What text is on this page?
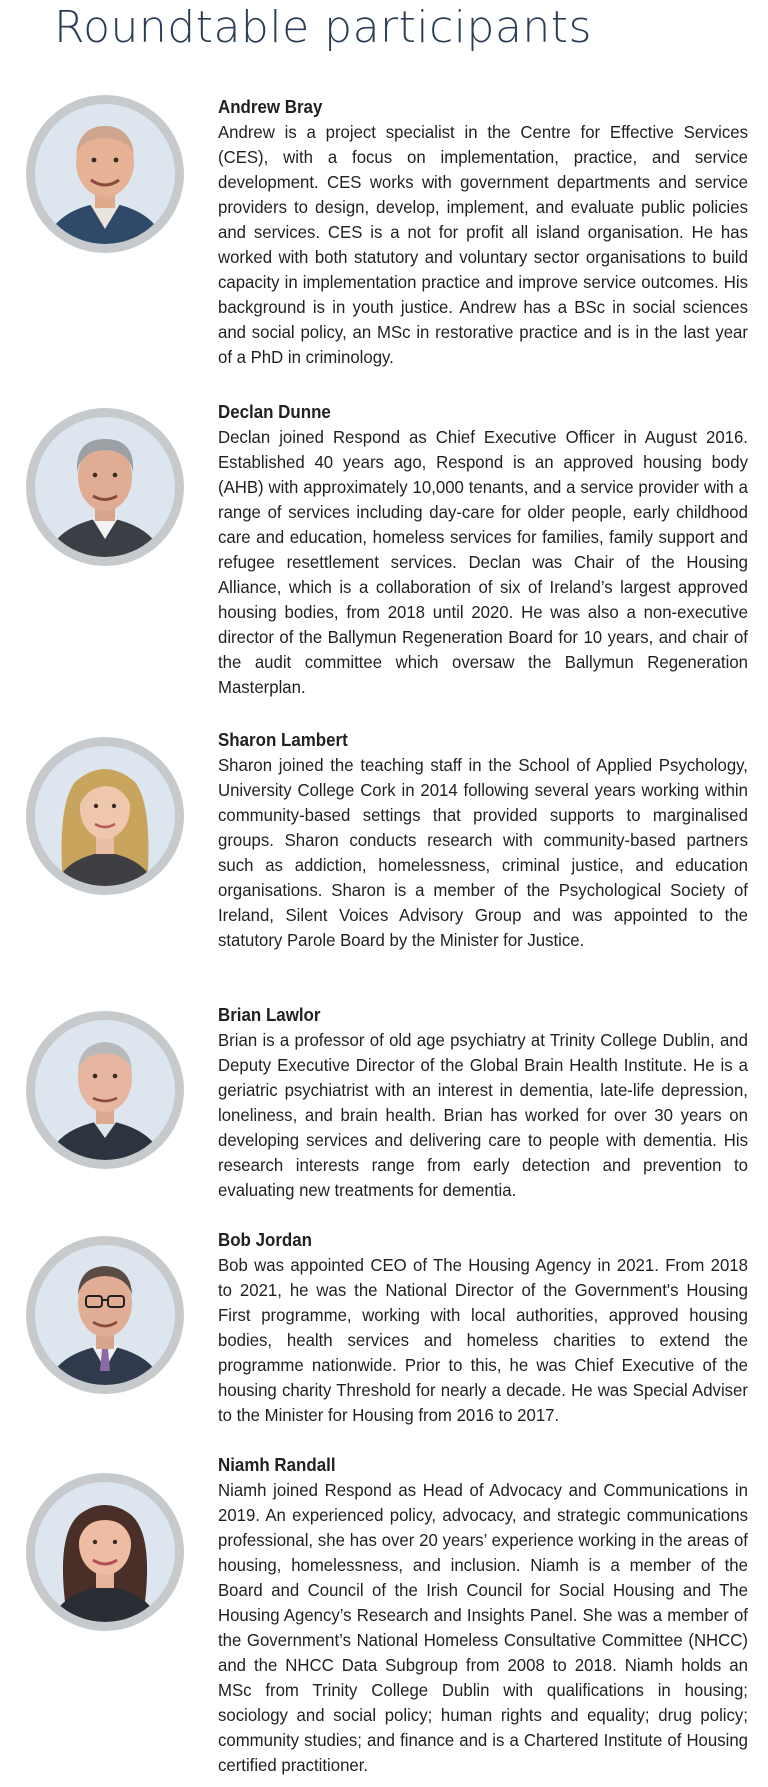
Roundtable participants

Andrew Bray

Andrew is a project specialist in the Centre for Effective Services (CES), with a focus on implementation, practice, and service development. CES works with government departments and service providers to design, develop, implement, and evaluate public policies and services. CES is a not for profit all island organisation. He has worked with both statutory and voluntary sector organisations to build capacity in implementation practice and improve service outcomes. His background is in youth justice. Andrew has a BSc in social sciences and social policy, an MSc in restorative practice and is in the last year of a PhD in criminology.

Declan Dunne

Declan joined Respond as Chief Executive Officer in August 2016. Established 40 years ago, Respond is an approved housing body (AHB) with approximately 10,000 tenants, and a service provider with a range of services including day-care for older people, early childhood care and education, homeless services for families, family support and refugee resettlement services. Declan was Chair of the Housing Alliance, which is a collaboration of six of Ireland’s largest approved housing bodies, from 2018 until 2020. He was also a non-executive director of the Ballymun Regeneration Board for 10 years, and chair of the audit committee which oversaw the Ballymun Regeneration Masterplan.

Sharon Lambert

Sharon joined the teaching staff in the School of Applied Psychology, University College Cork in 2014 following several years working within community-based settings that provided supports to marginalised groups. Sharon conducts research with community-based partners such as addiction, homelessness, criminal justice, and education organisations. Sharon is a member of the Psychological Society of Ireland, Silent Voices Advisory Group and was appointed to the statutory Parole Board by the Minister for Justice.

Brian Lawlor

Brian is a professor of old age psychiatry at Trinity College Dublin, and Deputy Executive Director of the Global Brain Health Institute. He is a geriatric psychiatrist with an interest in dementia, late-life depression, loneliness, and brain health. Brian has worked for over 30 years on developing services and delivering care to people with dementia. His research interests range from early detection and prevention to evaluating new treatments for dementia.

Bob Jordan

Bob was appointed CEO of The Housing Agency in 2021. From 2018 to 2021, he was the National Director of the Government's Housing First programme, working with local authorities, approved housing bodies, health services and homeless charities to extend the programme nationwide. Prior to this, he was Chief Executive of the housing charity Threshold for nearly a decade. He was Special Adviser to the Minister for Housing from 2016 to 2017.

Niamh Randall

Niamh joined Respond as Head of Advocacy and Communications in 2019. An experienced policy, advocacy, and strategic communications professional, she has over 20 years’ experience working in the areas of housing, homelessness, and inclusion. Niamh is a member of the Board and Council of the Irish Council for Social Housing and The Housing Agency’s Research and Insights Panel. She was a member of the Government’s National Homeless Consultative Committee (NHCC) and the NHCC Data Subgroup from 2008 to 2018. Niamh holds an MSc from Trinity College Dublin with qualifications in housing; sociology and social policy; human rights and equality; drug policy; community studies; and finance and is a Chartered Institute of Housing certified practitioner.
